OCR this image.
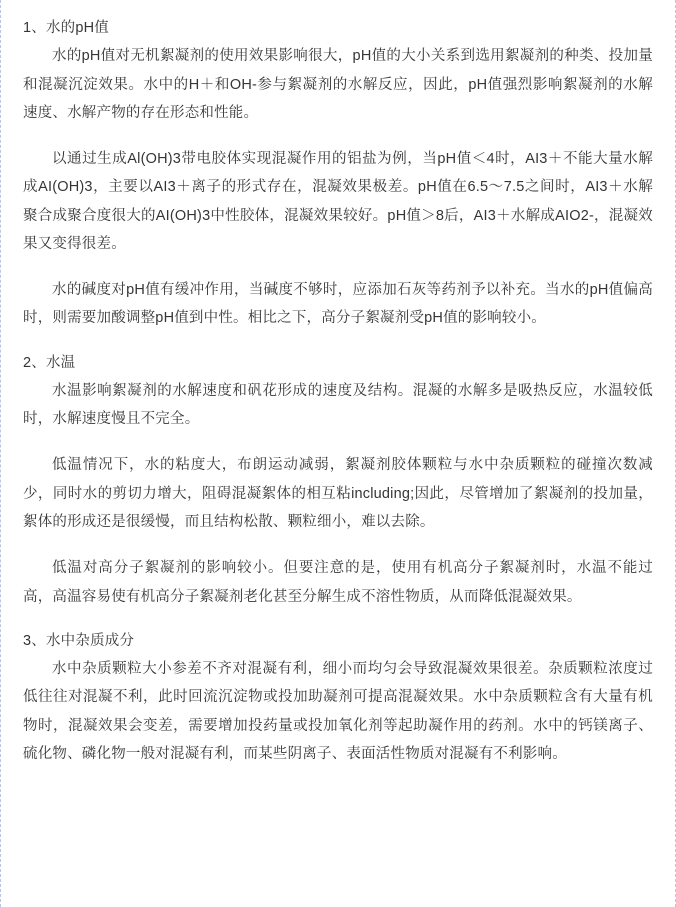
1、水的pH值

水的pH值对无机絮凝剂的使用效果影响很大，pH值的大小关系到选用絮凝剂的种类、投加量和混凝沉淀效果。水中的H＋和OH-参与絮凝剂的水解反应，因此，pH值强烈影响絮凝剂的水解速度、水解产物的存在形态和性能。

以通过生成Al(OH)3带电胶体实现混凝作用的铝盐为例，当pH值＜4时，AI3＋不能大量水解成AI(OH)3，主要以AI3＋离子的形式存在，混凝效果极差。pH值在6.5～7.5之间时，AI3＋水解聚合成聚合度很大的AI(OH)3中性胶体，混凝效果较好。pH值＞8后，AI3＋水解成AIO2-，混凝效果又变得很差。

水的碱度对pH值有缓冲作用，当碱度不够时，应添加石灰等药剂予以补充。当水的pH值偏高时，则需要加酸调整pH值到中性。相比之下，高分子絮凝剂受pH值的影响较小。

2、水温

水温影响絮凝剂的水解速度和矾花形成的速度及结构。混凝的水解多是吸热反应，水温较低时，水解速度慢且不完全。

低温情况下，水的粘度大，布朗运动减弱，絮凝剂胶体颗粒与水中杂质颗粒的碰撞次数减少，同时水的剪切力增大，阻碍混凝絮体的相互粘including;因此，尽管增加了絮凝剂的投加量，絮体的形成还是很缓慢，而且结构松散、颗粒细小，难以去除。

低温对高分子絮凝剂的影响较小。但要注意的是，使用有机高分子絮凝剂时，水温不能过高，高温容易使有机高分子絮凝剂老化甚至分解生成不溶性物质，从而降低混凝效果。

3、水中杂质成分

水中杂质颗粒大小参差不齐对混凝有利，细小而均匀会导致混凝效果很差。杂质颗粒浓度过低往往对混凝不利，此时回流沉淀物或投加助凝剂可提高混凝效果。水中杂质颗粒含有大量有机物时，混凝效果会变差，需要增加投药量或投加氧化剂等起助凝作用的药剂。水中的钙镁离子、硫化物、磷化物一般对混凝有利，而某些阴离子、表面活性物质对混凝有不利影响。
